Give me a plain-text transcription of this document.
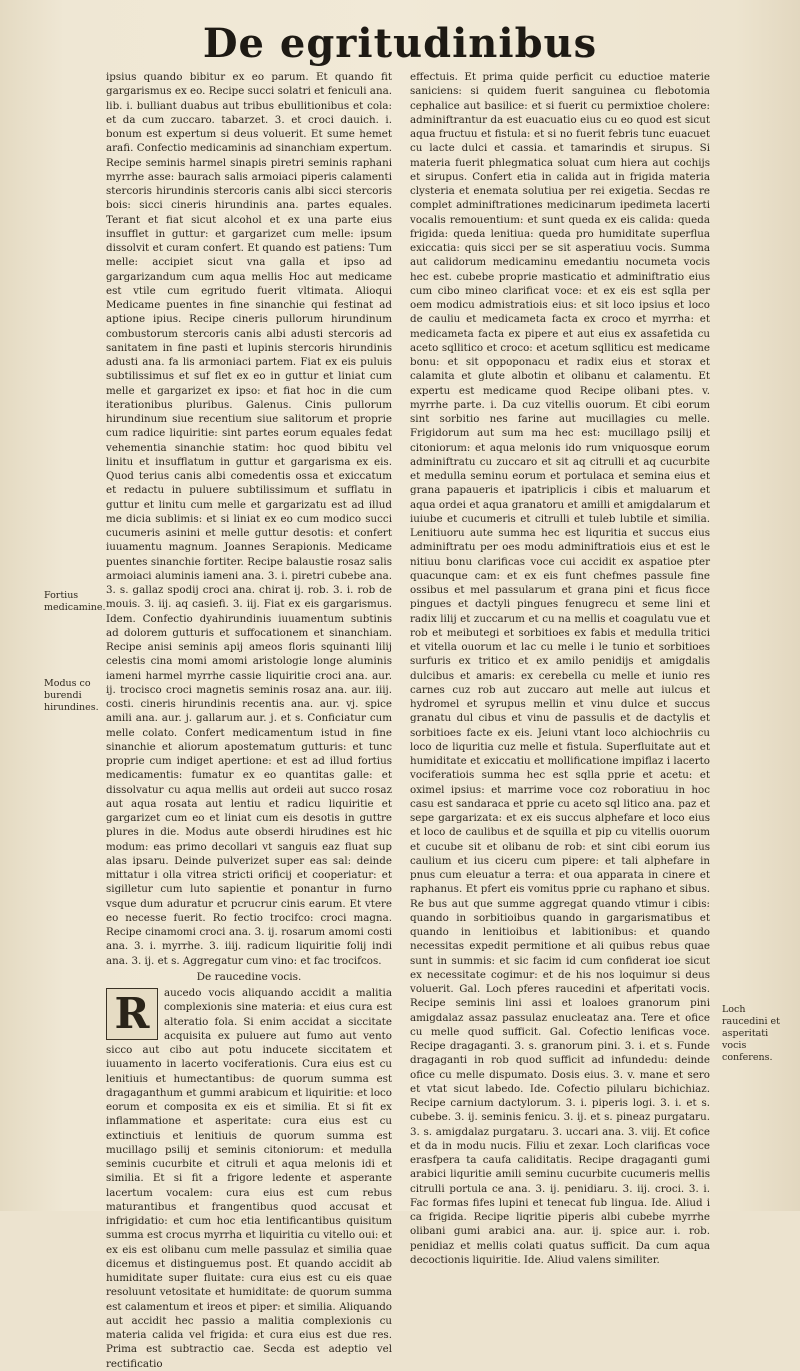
De egritudinibus

ipsius quando bibitur ex eo parum. Et quando fit gargarismus ex eo. Recipe succi solatri et feniculi ana. lib. i. bulliant duabus aut tribus ebullitionibus et cola: et da cum zuccaro. tabarzet. 3. et croci dauich. i. bonum est expertum si deus voluerit. Et sume hemet arafi. Confectio medicaminis ad sinanchiam expertum. Recipe seminis harmel sinapis piretri seminis raphani myrrhe asse: baurach salis armoiaci piperis calamenti stercoris hirundinis stercoris canis albi sicci stercoris bois: sicci cineris hirundinis ana. partes equales. Terant et fiat sicut alcohol et ex una parte eius insufflet in guttur: et gargarizet cum melle: ipsum dissolvit et curam confert. Et quando est patiens: Tum melle: accipiet sicut vna galla et ipso ad gargarizandum cum aqua mellis Hoc aut medicame est vtile cum egritudo fuerit vltimata. Alioqui Medicame puentes in fine sinanchie qui festinat ad aptione ipius. Recipe cineris pullorum hirundinum combustorum stercoris canis albi adusti stercoris ad sanitatem in fine pasti et lupinis stercoris hirundinis adusti ana. fa lis armoniaci partem. Fiat ex eis puluis subtilissimus et suf flet ex eo in guttur et liniat cum melle et gargarizet ex ipso: et fiat hoc in die cum iterationibus pluribus. Galenus. Cinis pullorum hirundinum siue recentium siue salitorum et proprie cum radice liquiritie: sint partes eorum equales fedat vehementia sinanchie statim: hoc quod bibitu vel linitu et insufflatum in guttur et gargarisma ex eis. Quod terius canis albi comedentis ossa et exiccatum et redactu in puluere subtilissimum et sufflatu in guttur et linitu cum melle et gargarizatu est ad illud me dicia sublimis: et si liniat ex eo cum modico succi cucumeris asinini et melle guttur desotis: et confert iuuamentu magnum. Joannes Serapionis. Medicame puentes sinanchie fortiter. Recipe balaustie rosaz salis armoiaci aluminis iameni ana. 3. i. piretri cubebe ana. 3. s. gallaz spodij croci ana. chirat ij. rob. 3. i. rob de mouis. 3. iij. aq casiefi. 3. iij. Fiat ex eis gargarismus. Idem. Confectio dyahirundinis iuuamentum subtinis ad dolorem gutturis et suffocationem et sinanchiam. Recipe anisi seminis apij ameos floris squinanti lilij celestis cina momi amomi aristologie longe aluminis iameni harmel myrrhe cassie liquiritie croci ana. aur. ij. trocisco croci magnetis seminis rosaz ana. aur. iiij. costi. cineris hirundinis recentis ana. aur. vj. spice amili ana. aur. j. gallarum aur. j. et s. Conficiatur cum melle colato. Confert medicamentum istud in fine sinanchie et aliorum apostematum gutturis: et tunc proprie cum indiget apertione: et est ad illud fortius medicamentis: fumatur ex eo quantitas galle: et dissolvatur cu aqua mellis aut ordeii aut succo rosaz aut aqua rosata aut lentiu et radicu liquiritie et gargarizet cum eo et liniat cum eis desotis in guttre plures in die. Modus aute obserdi hirudines est hic modum: eas primo decollari vt sanguis eaz fluat sup alas ipsaru. Deinde pulverizet super eas sal: deinde mittatur i olla vitrea stricti orificij et cooperiatur: et sigilletur cum luto sapientie et ponantur in furno vsque dum aduratur et pcrucrur cinis earum. Et vtere eo necesse fuerit. Ro fectio trocifco: croci magna. Recipe cinamomi croci ana. 3. ij. rosarum amomi costi ana. 3. i. myrrhe. 3. iiij. radicum liquiritie folij indi ana. 3. ij. et s. Aggregatur cum vino: et fac trocifcos.

De raucedine vocis.
R	aucedo vocis aliquando accidit a malitia complexionis sine materia: et eius cura est alteratio fola. Si enim accidat a siccitate acquisita ex puluere aut fumo aut vento sicco aut cibo aut potu inducete siccitatem et iuuamento in lacerto vociferationis. Cura eius est cu lenitiuis et humectantibus: de quorum summa est dragaganthum et gummi arabicum et liquiritie: et loco eorum et composita ex eis et similia. Et si fit ex inflammatione et asperitate: cura eius est cu extinctiuis et lenitiuis de quorum summa est mucillago psilij et seminis citoniorum: et medulla seminis cucurbite et citruli et aqua melonis idi et similia. Et si fit a frigore ledente et asperante lacertum vocalem: cura eius est cum rebus maturantibus et frangentibus quod accusat et infrigidatio: et cum hoc etia lentificantibus quisitum summa est crocus myrrha et liquiritia cu vitello oui: et ex eis est olibanu cum melle passulaz et similia quae dicemus et distinguemus post. Et quando accidit ab humiditate super fluitate: cura eius est cu eis quae resoluunt vetositate et humiditate: de quorum summa est calamentum et ireos et piper: et similia. Aliquando aut accidit hec passio a malitia complexionis cu materia calida vel frigida: et cura eius est due res. Prima est subtractio cae. Secda est adeptio vel rectificatio

effectuis. Et prima quide perficit cu eductioe materie saniciens: si quidem fuerit sanguinea cu flebotomia cephalice aut basilice: et si fuerit cu permixtioe cholere: adminiftrantur da est euacuatio eius cu eo quod est sicut aqua fructuu et fistula: et si no fuerit febris tunc euacuet cu lacte dulci et cassia. et tamarindis et sirupus. Si materia fuerit phlegmatica soluat cum hiera aut cochijs et sirupus. Confert etia in calida aut in frigida materia clysteria et enemata solutiua per rei exigetia. Secdas re complet adminiftrationes medicinarum ipedimeta lacerti vocalis remouentium: et sunt queda ex eis calida: queda frigida: queda lenitiua: queda pro humiditate superflua exiccatia: quis sicci per se sit asperatiuu vocis. Summa aut calidorum medicaminu emedantiu nocumeta vocis hec est. cubebe proprie masticatio et adminiftratio eius cum cibo mineo clarificat voce: et ex eis est sqlla per oem modicu admistratiois eius: et sit loco ipsius et loco de cauliu et medicameta facta ex croco et myrrha: et medicameta facta ex pipere et aut eius ex assafetida cu aceto sqllitico et croco: et acetum sqlliticu est medicame bonu: et sit oppoponacu et radix eius et storax et calamita et glute albotin et olibanu et calamentu. Et expertu est medicame quod Recipe olibani ptes. v. myrrhe parte. i. Da cuz vitellis ouorum. Et cibi eorum sint sorbitio nes farine aut mucillagies cu melle. Frigidorum aut sum ma hec est: mucillago psilij et citoniorum: et aqua melonis ido rum vniquosque eorum adminiftratu cu zuccaro et sit aq citrulli et aq cucurbite et medulla seminu eorum et portulaca et semina eius et grana papaueris et ipatriplicis i cibis et maluarum et aqua ordei et aqua granatoru et amilli et amigdalarum et iuiube et cucumeris et citrulli et tuleb lubtile et similia. Lenitiuoru aute summa hec est liquritia et succus eius adminiftratu per oes modu adminiftratiois eius et est le nitiuu bonu clarificas voce cui accidit ex aspatioe pter quacunque cam: et ex eis funt chefmes passule fine ossibus et mel passularum et grana pini et ficus ficce pingues et dactyli pingues fenugrecu et seme lini et radix lilij et zuccarum et cu na mellis et coagulatu vue et rob et meibutegi et sorbitioes ex fabis et medulla tritici et vitella ouorum et lac cu melle i le tunio et sorbitioes surfuris ex tritico et ex amilo penidijs et amigdalis dulcibus et amaris: ex cerebella cu melle et iunio res carnes cuz rob aut zuccaro aut melle aut iulcus et hydromel et syrupus mellin et vinu dulce et succus granatu dul cibus et vinu de passulis et de dactylis et sorbitioes facte ex eis. Jeiuni vtant loco alchiochriis cu loco de liquritia cuz melle et fistula. Superfluitate aut et humiditate et exiccatiu et mollificatione impiflaz i lacerto vociferatiois summa hec est sqlla pprie et acetu: et oximel ipsius: et marrime voce coz roboratiuu in hoc casu est sandaraca et pprie cu aceto sql litico ana. paz et sepe gargarizata: et ex eis succus alphefare et loco eius et loco de caulibus et de squilla et pip cu vitellis ouorum et cucube sit et olibanu de rob: et sint cibi eorum ius caulium et ius ciceru cum pipere: et tali alphefare in pnus cum eleuatur a terra: et oua apparata in cinere et raphanus. Et pfert eis vomitus pprie cu raphano et sibus. Re bus aut que summe aggregat quando vtimur i cibis: quando in sorbitioibus quando in gargarismatibus et quando in lenitioibus et labitionibus: et quando necessitas expedit permitione et ali quibus rebus quae sunt in summis: et sic facim id cum confiderat ioe sicut ex necessitate cogimur: et de his nos loquimur si deus voluerit. Gal. Loch pferes raucedini et afperitati vocis. Recipe seminis lini assi et loaloes granorum pini amigdalaz assaz passulaz enucleataz ana. Tere et ofice cu melle quod sufficit. Gal. Cofectio lenificas voce. Recipe dragaganti. 3. s. granorum pini. 3. i. et s. Funde dragaganti in rob quod sufficit ad infundedu: deinde ofice cu melle dispumato. Dosis eius. 3. v. mane et sero et vtat sicut labedo. Ide. Cofectio pilularu bichichiaz. Recipe carnium dactylorum. 3. i. piperis logi. 3. i. et s. cubebe. 3. ij. seminis fenicu. 3. ij. et s. pineaz purgataru. 3. s. amigdalaz purgataru. 3. uccari ana. 3. viij. Et cofice et da in modu nucis. Filiu et zexar. Loch clarificas voce erasfpera ta caufa caliditatis. Recipe dragaganti gumi arabici liquritie amili seminu cucurbite cucumeris mellis citrulli portula ce ana. 3. ij. penidiaru. 3. iij. croci. 3. i. Fac formas fifes lupini et tenecat fub lingua. Ide. Aliud i ca frigida. Recipe liqritie piperis albi cubebe myrrhe olibani gumi arabici ana. aur. ij. spice aur. i. rob. penidiaz et mellis colati quatus sufficit. Da cum aqua decoctionis liquiritie. Ide. Aliud valens similiter.

Fortius medicamine.
Modus co burendi hirundines.
Loch raucedini et asperitati vocis conferens.
